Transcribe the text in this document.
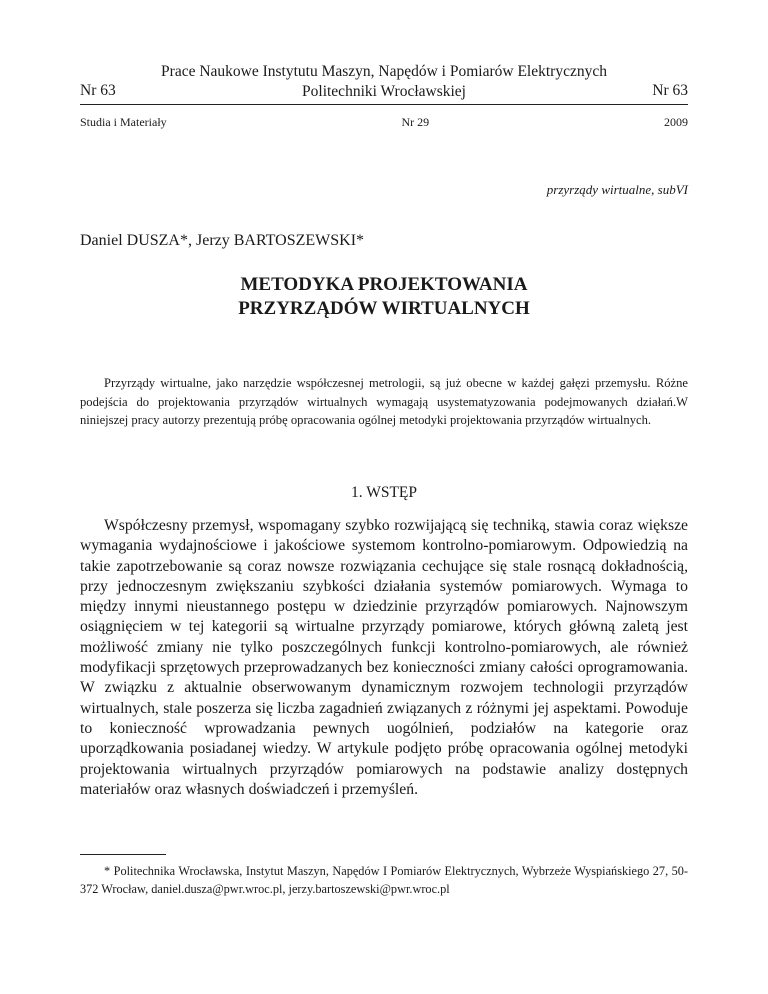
Prace Naukowe Instytutu Maszyn, Napędów i Pomiarów Elektrycznych
Politechniki Wrocławskiej
Nr 63	Nr 63
Studia i Materiały	Nr 29	2009
przyrządy wirtualne, subVI
Daniel DUSZA*, Jerzy BARTOSZEWSKI*
METODYKA PROJEKTOWANIA
PRZYRZĄDÓW WIRTUALNYCH

Przyrządy wirtualne, jako narzędzie współczesnej metrologii, są już obecne w każdej gałęzi przemysłu. Różne podejścia do projektowania przyrządów wirtualnych wymagają usystematyzowania podejmowanych działań.W niniejszej pracy autorzy prezentują próbę opracowania ogólnej metodyki projektowania przyrządów wirtualnych.

1. WSTĘP

Współczesny przemysł, wspomagany szybko rozwijającą się techniką, stawia coraz większe wymagania wydajnościowe i jakościowe systemom kontrolno-pomiarowym. Odpowiedzią na takie zapotrzebowanie są coraz nowsze rozwiązania cechujące się stale rosnącą dokładnością, przy jednoczesnym zwiększaniu szybkości działania systemów pomiarowych. Wymaga to między innymi nieustannego postępu w dziedzinie przyrządów pomiarowych. Najnowszym osiągnięciem w tej kategorii są wirtualne przyrządy pomiarowe, których główną zaletą jest możliwość zmiany nie tylko poszczególnych funkcji kontrolno-pomiarowych, ale również modyfikacji sprzętowych przeprowadzanych bez konieczności zmiany całości oprogramowania. W związku z aktualnie obserwowanym dynamicznym rozwojem technologii przyrządów wirtualnych, stale poszerza się liczba zagadnień związanych z różnymi jej aspektami. Powoduje to konieczność wprowadzania pewnych uogólnień, podziałów na kategorie oraz uporządkowania posiadanej wiedzy. W artykule podjęto próbę opracowania ogólnej metodyki projektowania wirtualnych przyrządów pomiarowych na podstawie analizy dostępnych materiałów oraz własnych doświadczeń i przemyśleń.

* Politechnika Wrocławska, Instytut Maszyn, Napędów I Pomiarów Elektrycznych, Wybrzeże Wyspiańskiego 27, 50-372 Wrocław, daniel.dusza@pwr.wroc.pl, jerzy.bartoszewski@pwr.wroc.pl
